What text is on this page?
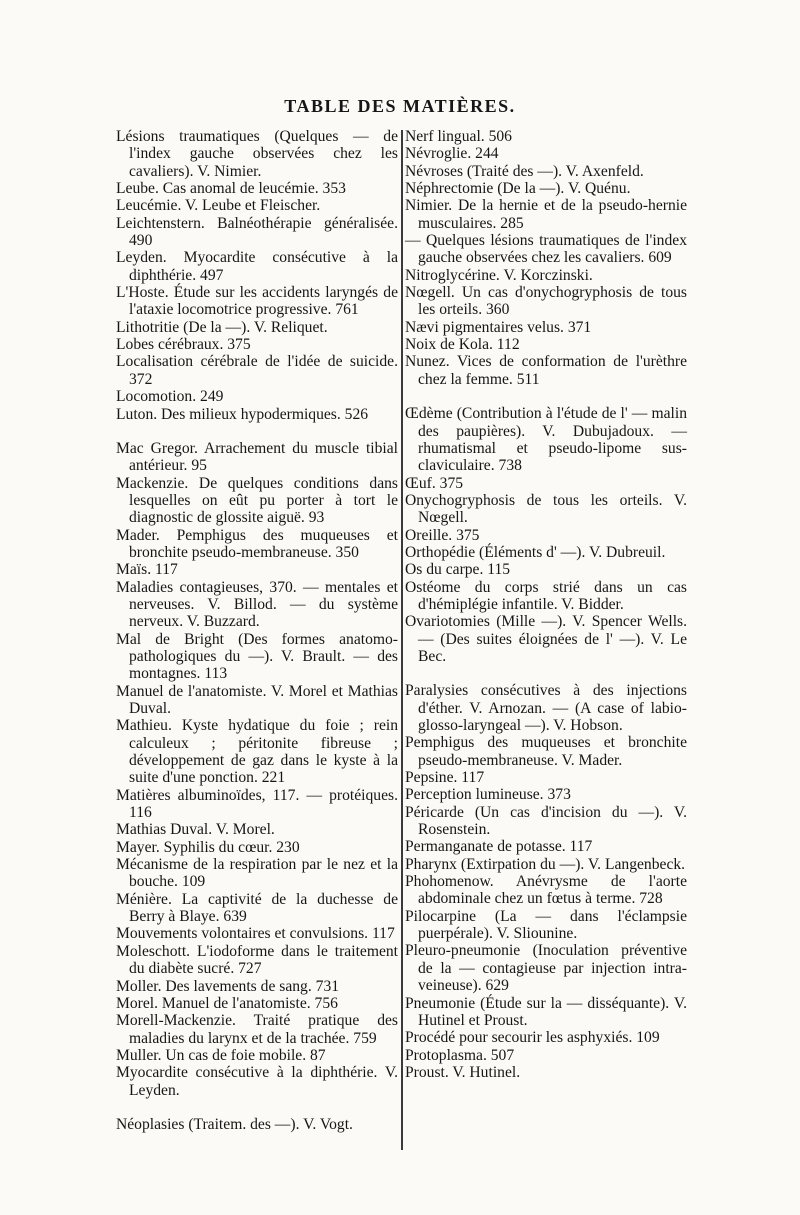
TABLE DES MATIÈRES.
Lésions traumatiques (Quelques — de l'index gauche observées chez les cavaliers). V. Nimier.
Leube. Cas anomal de leucémie. 353
Leucémie. V. Leube et Fleischer.
Leichtenstern. Balnéothérapie généralisée. 490
Leyden. Myocardite consécutive à la diphthérie. 497
L'Hoste. Étude sur les accidents laryngés de l'ataxie locomotrice progressive. 761
Lithotritie (De la —). V. Reliquet.
Lobes cérébraux. 375
Localisation cérébrale de l'idée de suicide. 372
Locomotion. 249
Luton. Des milieux hypodermiques. 526
Mac Gregor. Arrachement du muscle tibial antérieur. 95
Mackenzie. De quelques conditions dans lesquelles on eût pu porter à tort le diagnostic de glossite aiguë. 93
Mader. Pemphigus des muqueuses et bronchite pseudo-membraneuse. 350
Maïs. 117
Maladies contagieuses, 370. — mentales et nerveuses. V. Billod. — du système nerveux. V. Buzzard.
Mal de Bright (Des formes anatomo-pathologiques du —). V. Brault. — des montagnes. 113
Manuel de l'anatomiste. V. Morel et Mathias Duval.
Mathieu. Kyste hydatique du foie ; rein calculeux ; péritonite fibreuse ; développement de gaz dans le kyste à la suite d'une ponction. 221
Matières albuminoïdes, 117. — protéiques. 116
Mathias Duval. V. Morel.
Mayer. Syphilis du cœur. 230
Mécanisme de la respiration par le nez et la bouche. 109
Ménière. La captivité de la duchesse de Berry à Blaye. 639
Mouvements volontaires et convulsions. 117
Moleschott. L'iodoforme dans le traitement du diabète sucré. 727
Moller. Des lavements de sang. 731
Morel. Manuel de l'anatomiste. 756
Morell-Mackenzie. Traité pratique des maladies du larynx et de la trachée. 759
Muller. Un cas de foie mobile. 87
Myocardite consécutive à la diphthérie. V. Leyden.
Néoplasies (Traitem. des —). V. Vogt.
Nerf lingual. 506
Névroglie. 244
Névroses (Traité des —). V. Axenfeld.
Néphrectomie (De la —). V. Quénu.
Nimier. De la hernie et de la pseudo-hernie musculaires. 285
— Quelques lésions traumatiques de l'index gauche observées chez les cavaliers. 609
Nitroglycérine. V. Korczinski.
Nœgell. Un cas d'onychogryphosis de tous les orteils. 360
Nævi pigmentaires velus. 371
Noix de Kola. 112
Nunez. Vices de conformation de l'urèthre chez la femme. 511
Œdème (Contribution à l'étude de l' — malin des paupières). V. Dubujadoux. — rhumatismal et pseudo-lipome sus-claviculaire. 738
Œuf. 375
Onychogryphosis de tous les orteils. V. Nœgell.
Oreille. 375
Orthopédie (Éléments d' —). V. Dubreuil.
Os du carpe. 115
Ostéome du corps strié dans un cas d'hémiplégie infantile. V. Bidder.
Ovariotomies (Mille —). V. Spencer Wells. — (Des suites éloignées de l' —). V. Le Bec.
Paralysies consécutives à des injections d'éther. V. Arnozan. — (A case of labio-glosso-laryngeal —). V. Hobson.
Pemphigus des muqueuses et bronchite pseudo-membraneuse. V. Mader.
Pepsine. 117
Perception lumineuse. 373
Péricarde (Un cas d'incision du —). V. Rosenstein.
Permanganate de potasse. 117
Pharynx (Extirpation du —). V. Langenbeck.
Phohomenow. Anévrysme de l'aorte abdominale chez un fœtus à terme. 728
Pilocarpine (La — dans l'éclampsie puerpérale). V. Sliounine.
Pleuro-pneumonie (Inoculation préventive de la — contagieuse par injection intra-veineuse). 629
Pneumonie (Étude sur la — disséquante). V. Hutinel et Proust.
Procédé pour secourir les asphyxiés. 109
Protoplasma. 507
Proust. V. Hutinel.
